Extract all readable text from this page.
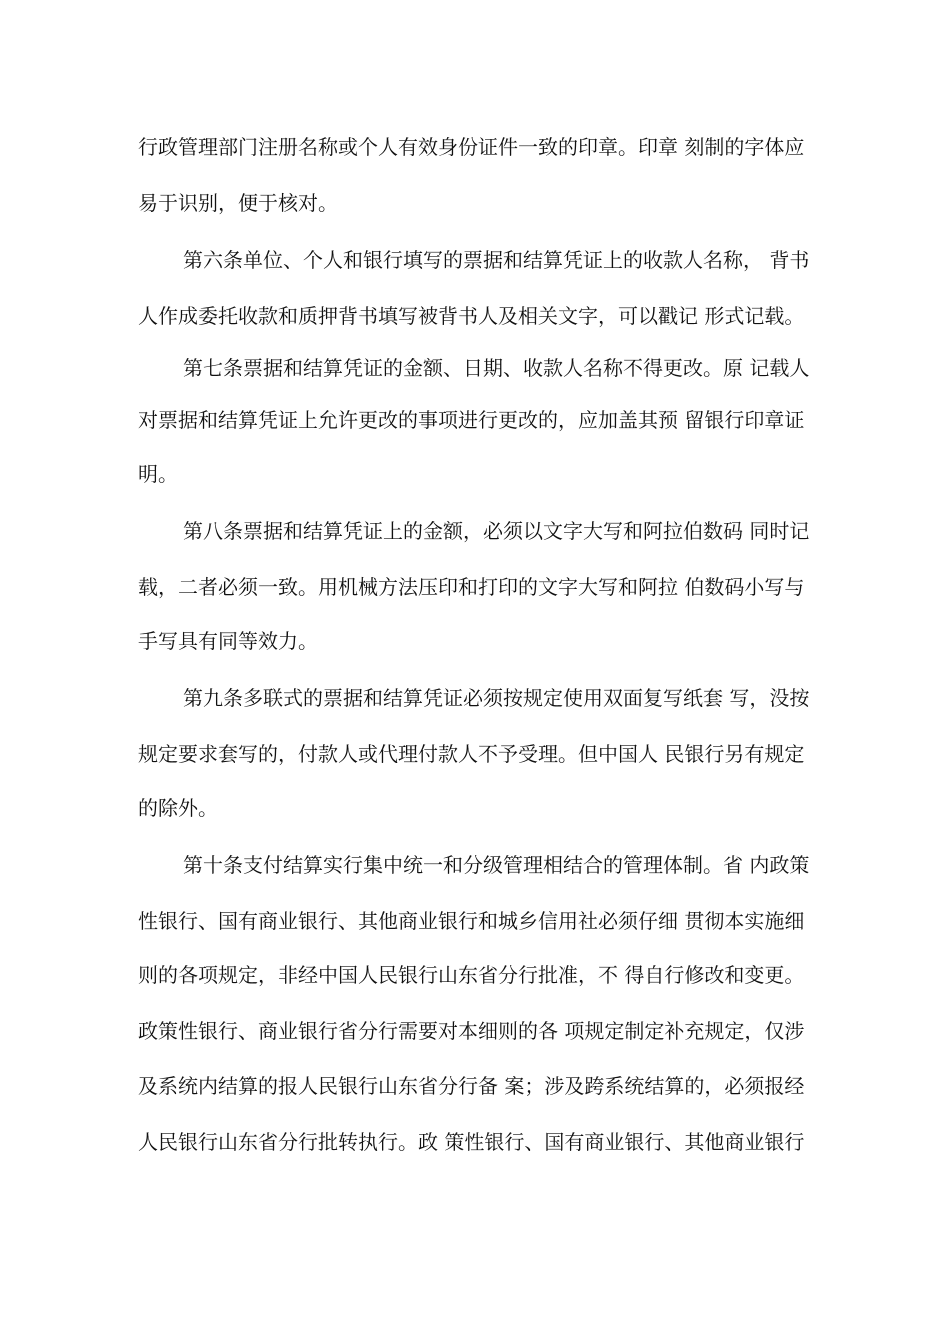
行政管理部门注册名称或个人有效身份证件一致的印章。印章 刻制的字体应
易于识别，便于核对。
第六条单位、个人和银行填写的票据和结算凭证上的收款人名称， 背书
人作成委托收款和质押背书填写被背书人及相关文字，可以戳记 形式记载。
第七条票据和结算凭证的金额、日期、收款人名称不得更改。原 记载人
对票据和结算凭证上允许更改的事项进行更改的，应加盖其预 留银行印章证
明。
第八条票据和结算凭证上的金额，必须以文字大写和阿拉伯数码 同时记
载，二者必须一致。用机械方法压印和打印的文字大写和阿拉 伯数码小写与
手写具有同等效力。
第九条多联式的票据和结算凭证必须按规定使用双面复写纸套 写，没按
规定要求套写的，付款人或代理付款人不予受理。但中国人 民银行另有规定
的除外。
第十条支付结算实行集中统一和分级管理相结合的管理体制。省 内政策
性银行、国有商业银行、其他商业银行和城乡信用社必须仔细 贯彻本实施细
则的各项规定，非经中国人民银行山东省分行批准，不 得自行修改和变更。
政策性银行、商业银行省分行需要对本细则的各 项规定制定补充规定，仅涉
及系统内结算的报人民银行山东省分行备 案；涉及跨系统结算的，必须报经
人民银行山东省分行批转执行。政 策性银行、国有商业银行、其他商业银行
